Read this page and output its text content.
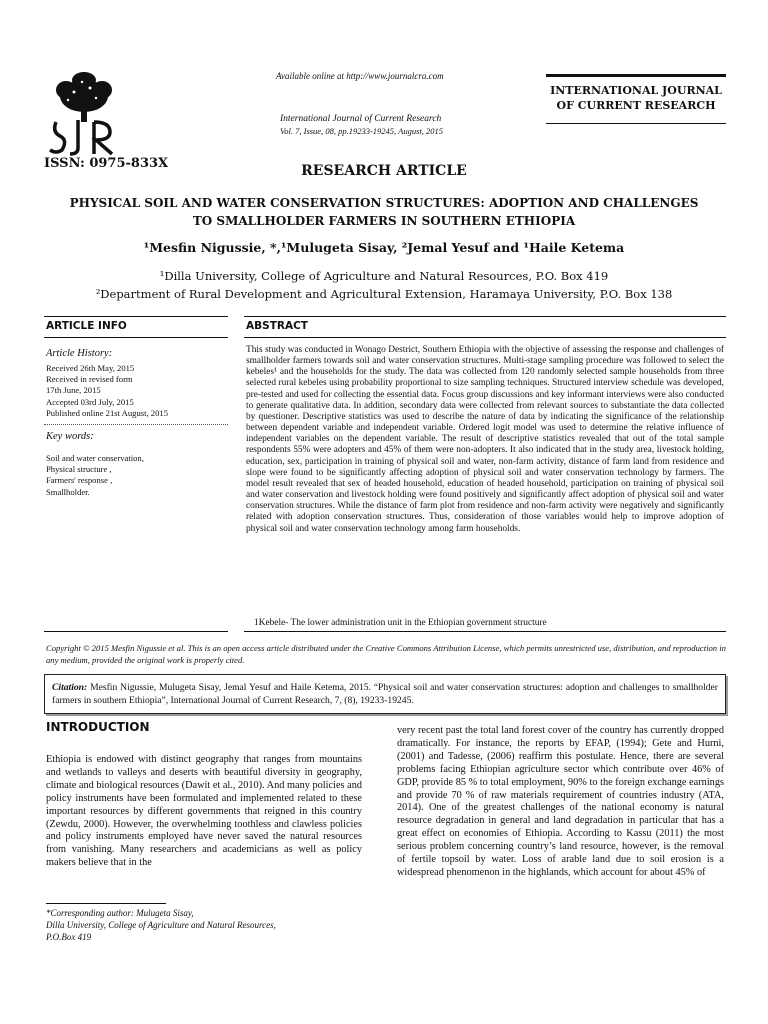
ISSN: 0975-833X
Available online at http://www.journalcra.com
International Journal of Current Research
Vol. 7, Issue, 08, pp.19233-19245, August, 2015
INTERNATIONAL JOURNAL
OF CURRENT RESEARCH
RESEARCH ARTICLE
PHYSICAL SOIL AND WATER CONSERVATION STRUCTURES: ADOPTION AND CHALLENGES TO SMALLHOLDER FARMERS IN SOUTHERN ETHIOPIA
¹Mesfin Nigussie, *,¹Mulugeta Sisay, ²Jemal Yesuf and ¹Haile Ketema
¹Dilla University, College of Agriculture and Natural Resources, P.O. Box 419
²Department of Rural Development and Agricultural Extension, Haramaya University, P.O. Box 138
ARTICLE INFO	ABSTRACT
Article History:
Received 26th May, 2015
Received in revised form
17th June, 2015
Accepted 03rd July, 2015
Published online 21st August, 2015
Key words:
Soil and water conservation,
Physical structure ,
Farmers' response ,
Smallholder.
This study was conducted in Wonago Destrict, Southern Ethiopia with the objective of assessing the response and challenges of smallholder farmers towards soil and water conservation structures. Multi-stage sampling procedure was followed to select the kebeles¹ and the households for the study. The data was collected from 120 randomly selected sample households from three selected rural kebeles using probability proportional to size sampling techniques. Structured interview schedule was developed, pre-tested and used for collecting the essential data. Focus group discussions and key informant interviews were also conducted to generate qualitative data. In addition, secondary data were collected from relevant sources to substantiate the data collected by questioner. Descriptive statistics was used to describe the nature of data by indicating the significance of the relationship between dependent variable and independent variable. Ordered logit model was used to determine the relative influence of independent variables on the dependent variable. The result of descriptive statistics revealed that out of the total sample respondents 55% were adopters and 45% of them were non-adopters. It also indicated that in the study area, livestock holding, education, sex, participation in training of physical soil and water, non-farm activity, distance of farm land from residence and slope were found to be significantly affecting adoption of physical soil and water conservation technology by farmers. The model result revealed that sex of headed household, education of headed household, participation on training of physical soil and water conservation and livestock holding were found positively and significantly affect adoption of physical soil and water conservation structures. While the distance of farm plot from residence and non-farm activity were negatively and significantly related with adoption conservation structures. Thus, consideration of those variables would help to improve adoption of physical soil and water conservation technology among farm households.
1Kebele- The lower administration unit in the Ethiopian government structure
Copyright © 2015 Mesfin Nigussie et al. This is an open access article distributed under the Creative Commons Attribution License, which permits unrestricted use, distribution, and reproduction in any medium, provided the original work is properly cited.
Citation: Mesfin Nigussie, Mulugeta Sisay, Jemal Yesuf and Haile Ketema, 2015. “Physical soil and water conservation structures: adoption and challenges to smallholder farmers in southern Ethiopia”, International Journal of Current Research, 7, (8), 19233-19245.
INTRODUCTION
Ethiopia is endowed with distinct geography that ranges from mountains and wetlands to valleys and deserts with beautiful diversity in geography, climate and biological resources (Dawit et al., 2010). And many policies and policy instruments have been formulated and implemented related to these important resources by different governments that reigned in this country (Zewdu, 2000). However, the overwhelming toothless and clawless policies and policy instruments employed have never saved the natural resources from vanishing. Many researchers and academicians as well as policy makers believe that in the
very recent past the total land forest cover of the country has currently dropped dramatically. For instance, the reports by EFAP, (1994); Gete and Hurni, (2001) and Tadesse, (2006) reaffirm this postulate. Hence, there are several problems facing Ethiopian agriculture sector which contribute over 46% of GDP, provide 85 % to total employment, 90% to the foreign exchange earnings and provide 70 % of raw materials requirement of countries industry (ATA, 2014). One of the greatest challenges of the national economy is natural resource degradation in general and land degradation in particular that has a great effect on economies of Ethiopia. According to Kassu (2011) the most serious problem concerning country’s land resource, however, is the removal of fertile topsoil by water. Loss of arable land due to soil erosion is a widespread phenomenon in the highlands, which account for about 45% of
*Corresponding author: Mulugeta Sisay,
Dilla University, College of Agriculture and Natural Resources,
P.O.Box 419
